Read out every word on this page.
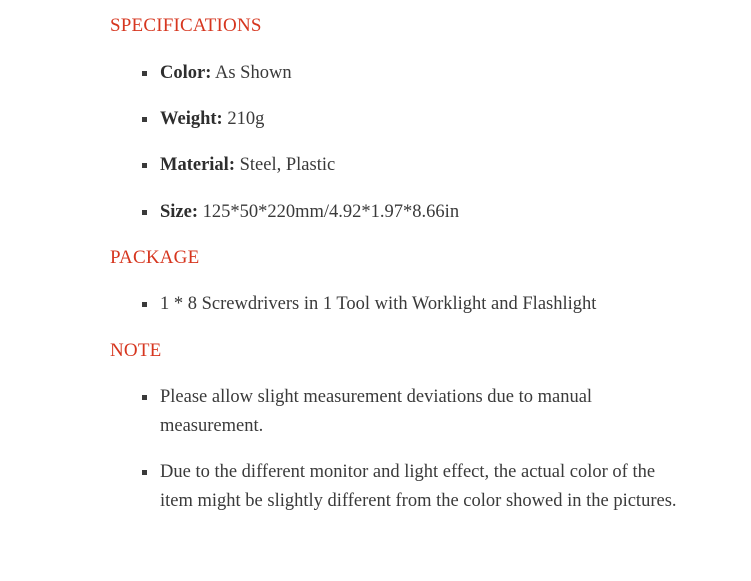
SPECIFICATIONS
Color: As Shown
Weight: 210g
Material: Steel, Plastic
Size: 125*50*220mm/4.92*1.97*8.66in
PACKAGE
1 * 8 Screwdrivers in 1 Tool with Worklight and Flashlight
NOTE
Please allow slight measurement deviations due to manual measurement.
Due to the different monitor and light effect, the actual color of the item might be slightly different from the color showed in the pictures.
